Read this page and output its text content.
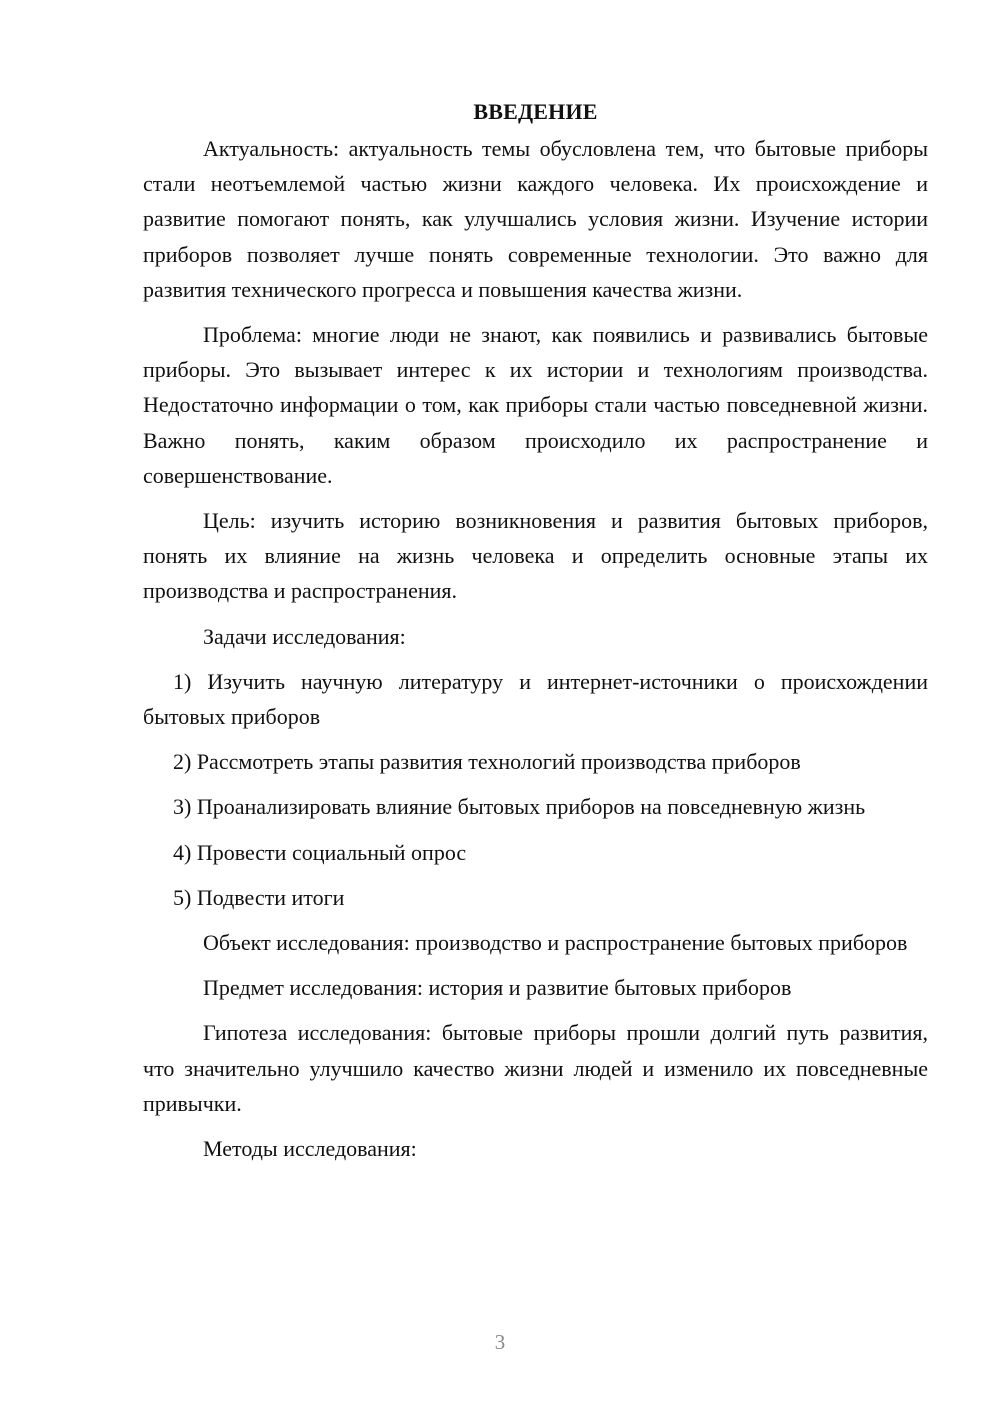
ВВЕДЕНИЕ

Актуальность: актуальность темы обусловлена тем, что бытовые приборы стали неотъемлемой частью жизни каждого человека. Их происхождение и развитие помогают понять, как улучшались условия жизни. Изучение истории приборов позволяет лучше понять современные технологии. Это важно для развития технического прогресса и повышения качества жизни.

Проблема: многие люди не знают, как появились и развивались бытовые приборы. Это вызывает интерес к их истории и технологиям производства. Недостаточно информации о том, как приборы стали частью повседневной жизни. Важно понять, каким образом происходило их распространение и совершенствование.

Цель: изучить историю возникновения и развития бытовых приборов, понять их влияние на жизнь человека и определить основные этапы их производства и распространения.

Задачи исследования:

1) Изучить научную литературу и интернет-источники о происхождении бытовых приборов

2) Рассмотреть этапы развития технологий производства приборов

3) Проанализировать влияние бытовых приборов на повседневную жизнь

4) Провести социальный опрос

5) Подвести итоги

Объект исследования: производство и распространение бытовых приборов

Предмет исследования: история и развитие бытовых приборов

Гипотеза исследования: бытовые приборы прошли долгий путь развития, что значительно улучшило качество жизни людей и изменило их повседневные привычки.

Методы исследования:

3
